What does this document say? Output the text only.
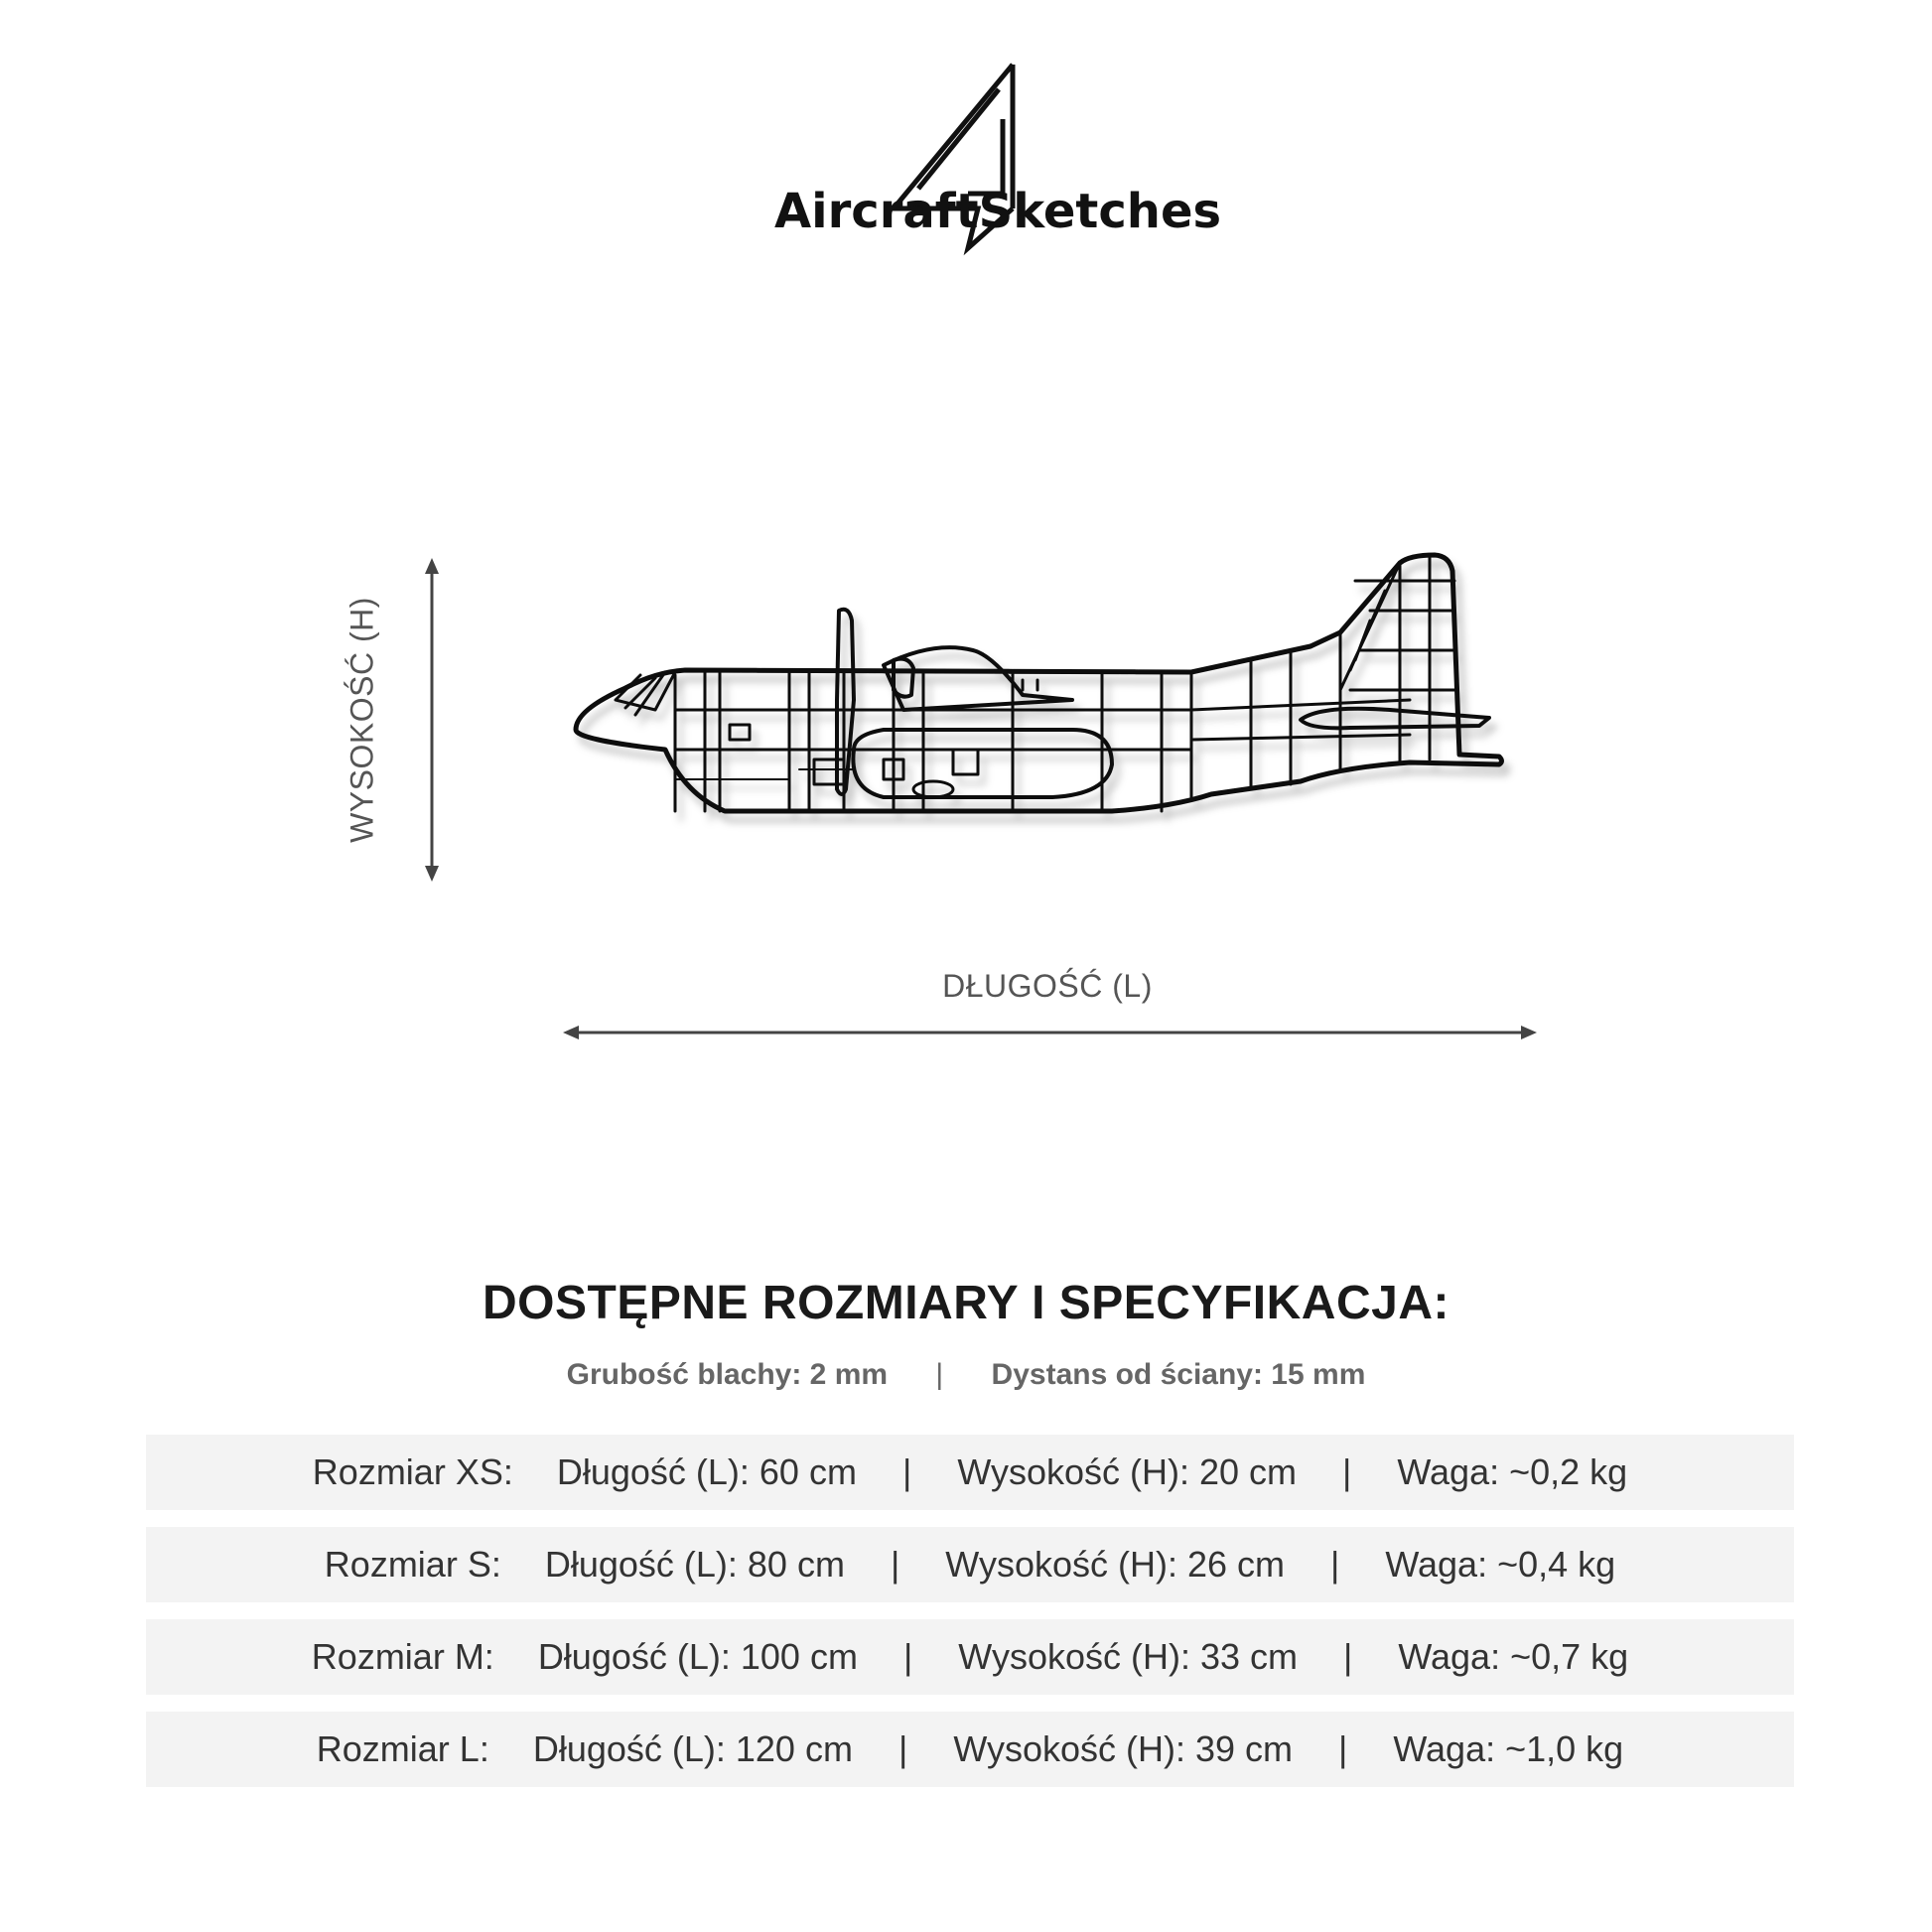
AircraftSketches
WYSOKOŚĆ (H)
DŁUGOŚĆ (L)
DOSTĘPNE ROZMIARY I SPECYFIKACJA:
Grubość blachy: 2 mm | Dystans od ściany: 15 mm
Rozmiar XS: Długość (L): 60 cm | Wysokość (H): 20 cm | Waga: ~0,2 kg
Rozmiar S: Długość (L): 80 cm | Wysokość (H): 26 cm | Waga: ~0,4 kg
Rozmiar M: Długość (L): 100 cm | Wysokość (H): 33 cm | Waga: ~0,7 kg
Rozmiar L: Długość (L): 120 cm | Wysokość (H): 39 cm | Waga: ~1,0 kg
